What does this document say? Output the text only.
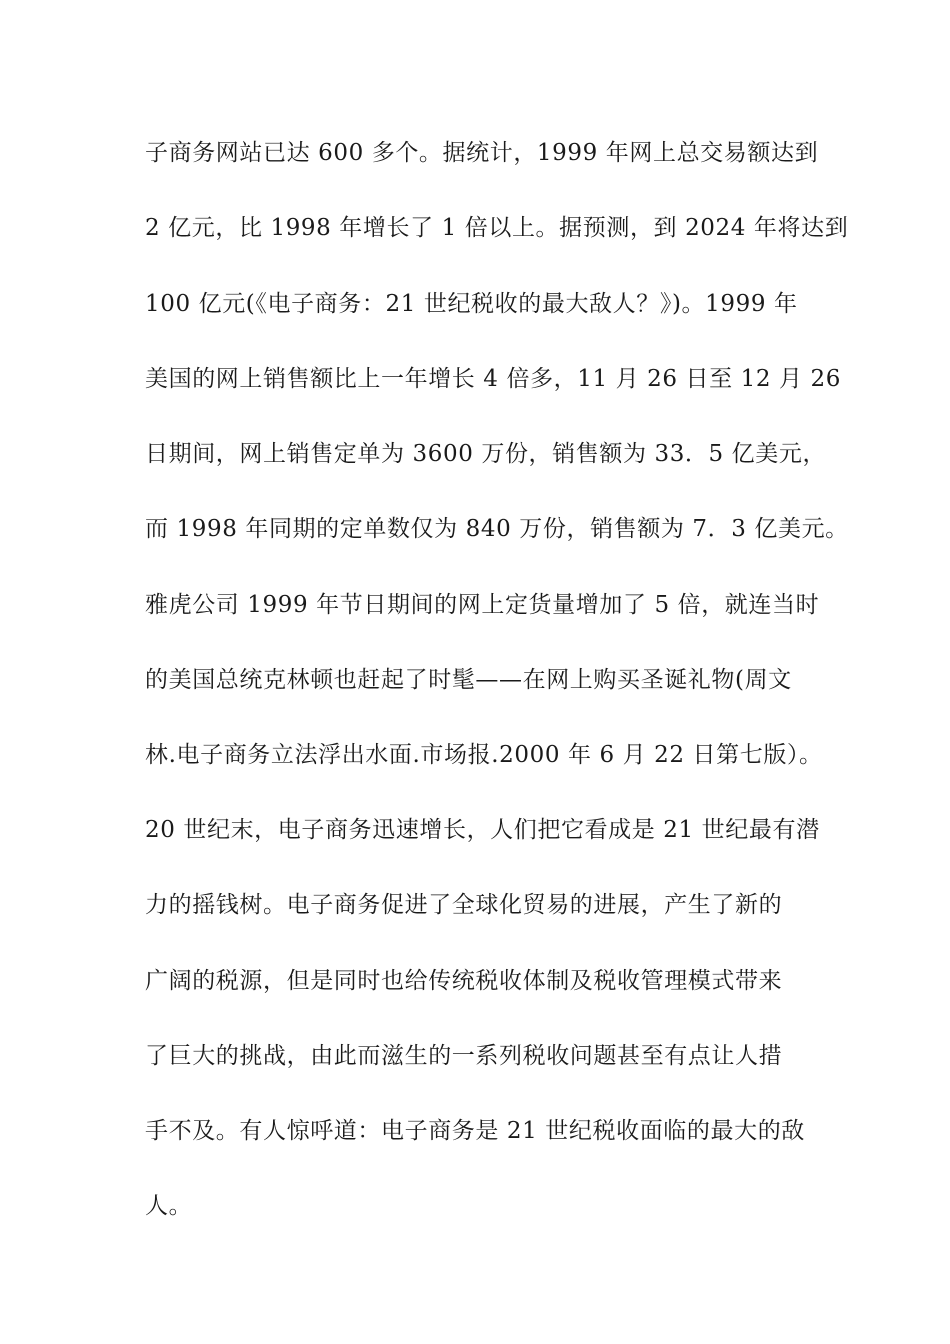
子商务网站已达 600 多个。据统计，1999 年网上总交易额达到
2 亿元，比 1998 年增长了 1 倍以上。据预测，到 2024 年将达到
100 亿元(《电子商务：21 世纪税收的最大敌人？》)。1999 年
美国的网上销售额比上一年增长 4 倍多，11 月 26 日至 12 月 26
日期间，网上销售定单为 3600 万份，销售额为 33．5 亿美元，
而 1998 年同期的定单数仅为 840 万份，销售额为 7．3 亿美元。
雅虎公司 1999 年节日期间的网上定货量增加了 5 倍，就连当时
的美国总统克林顿也赶起了时髦——在网上购买圣诞礼物(周文
林.电子商务立法浮出水面.市场报.2000 年 6 月 22 日第七版）。
20 世纪末，电子商务迅速增长，人们把它看成是 21 世纪最有潜
力的摇钱树。电子商务促进了全球化贸易的进展，产生了新的
广阔的税源，但是同时也给传统税收体制及税收管理模式带来
了巨大的挑战，由此而滋生的一系列税收问题甚至有点让人措
手不及。有人惊呼道：电子商务是 21 世纪税收面临的最大的敌
人。
